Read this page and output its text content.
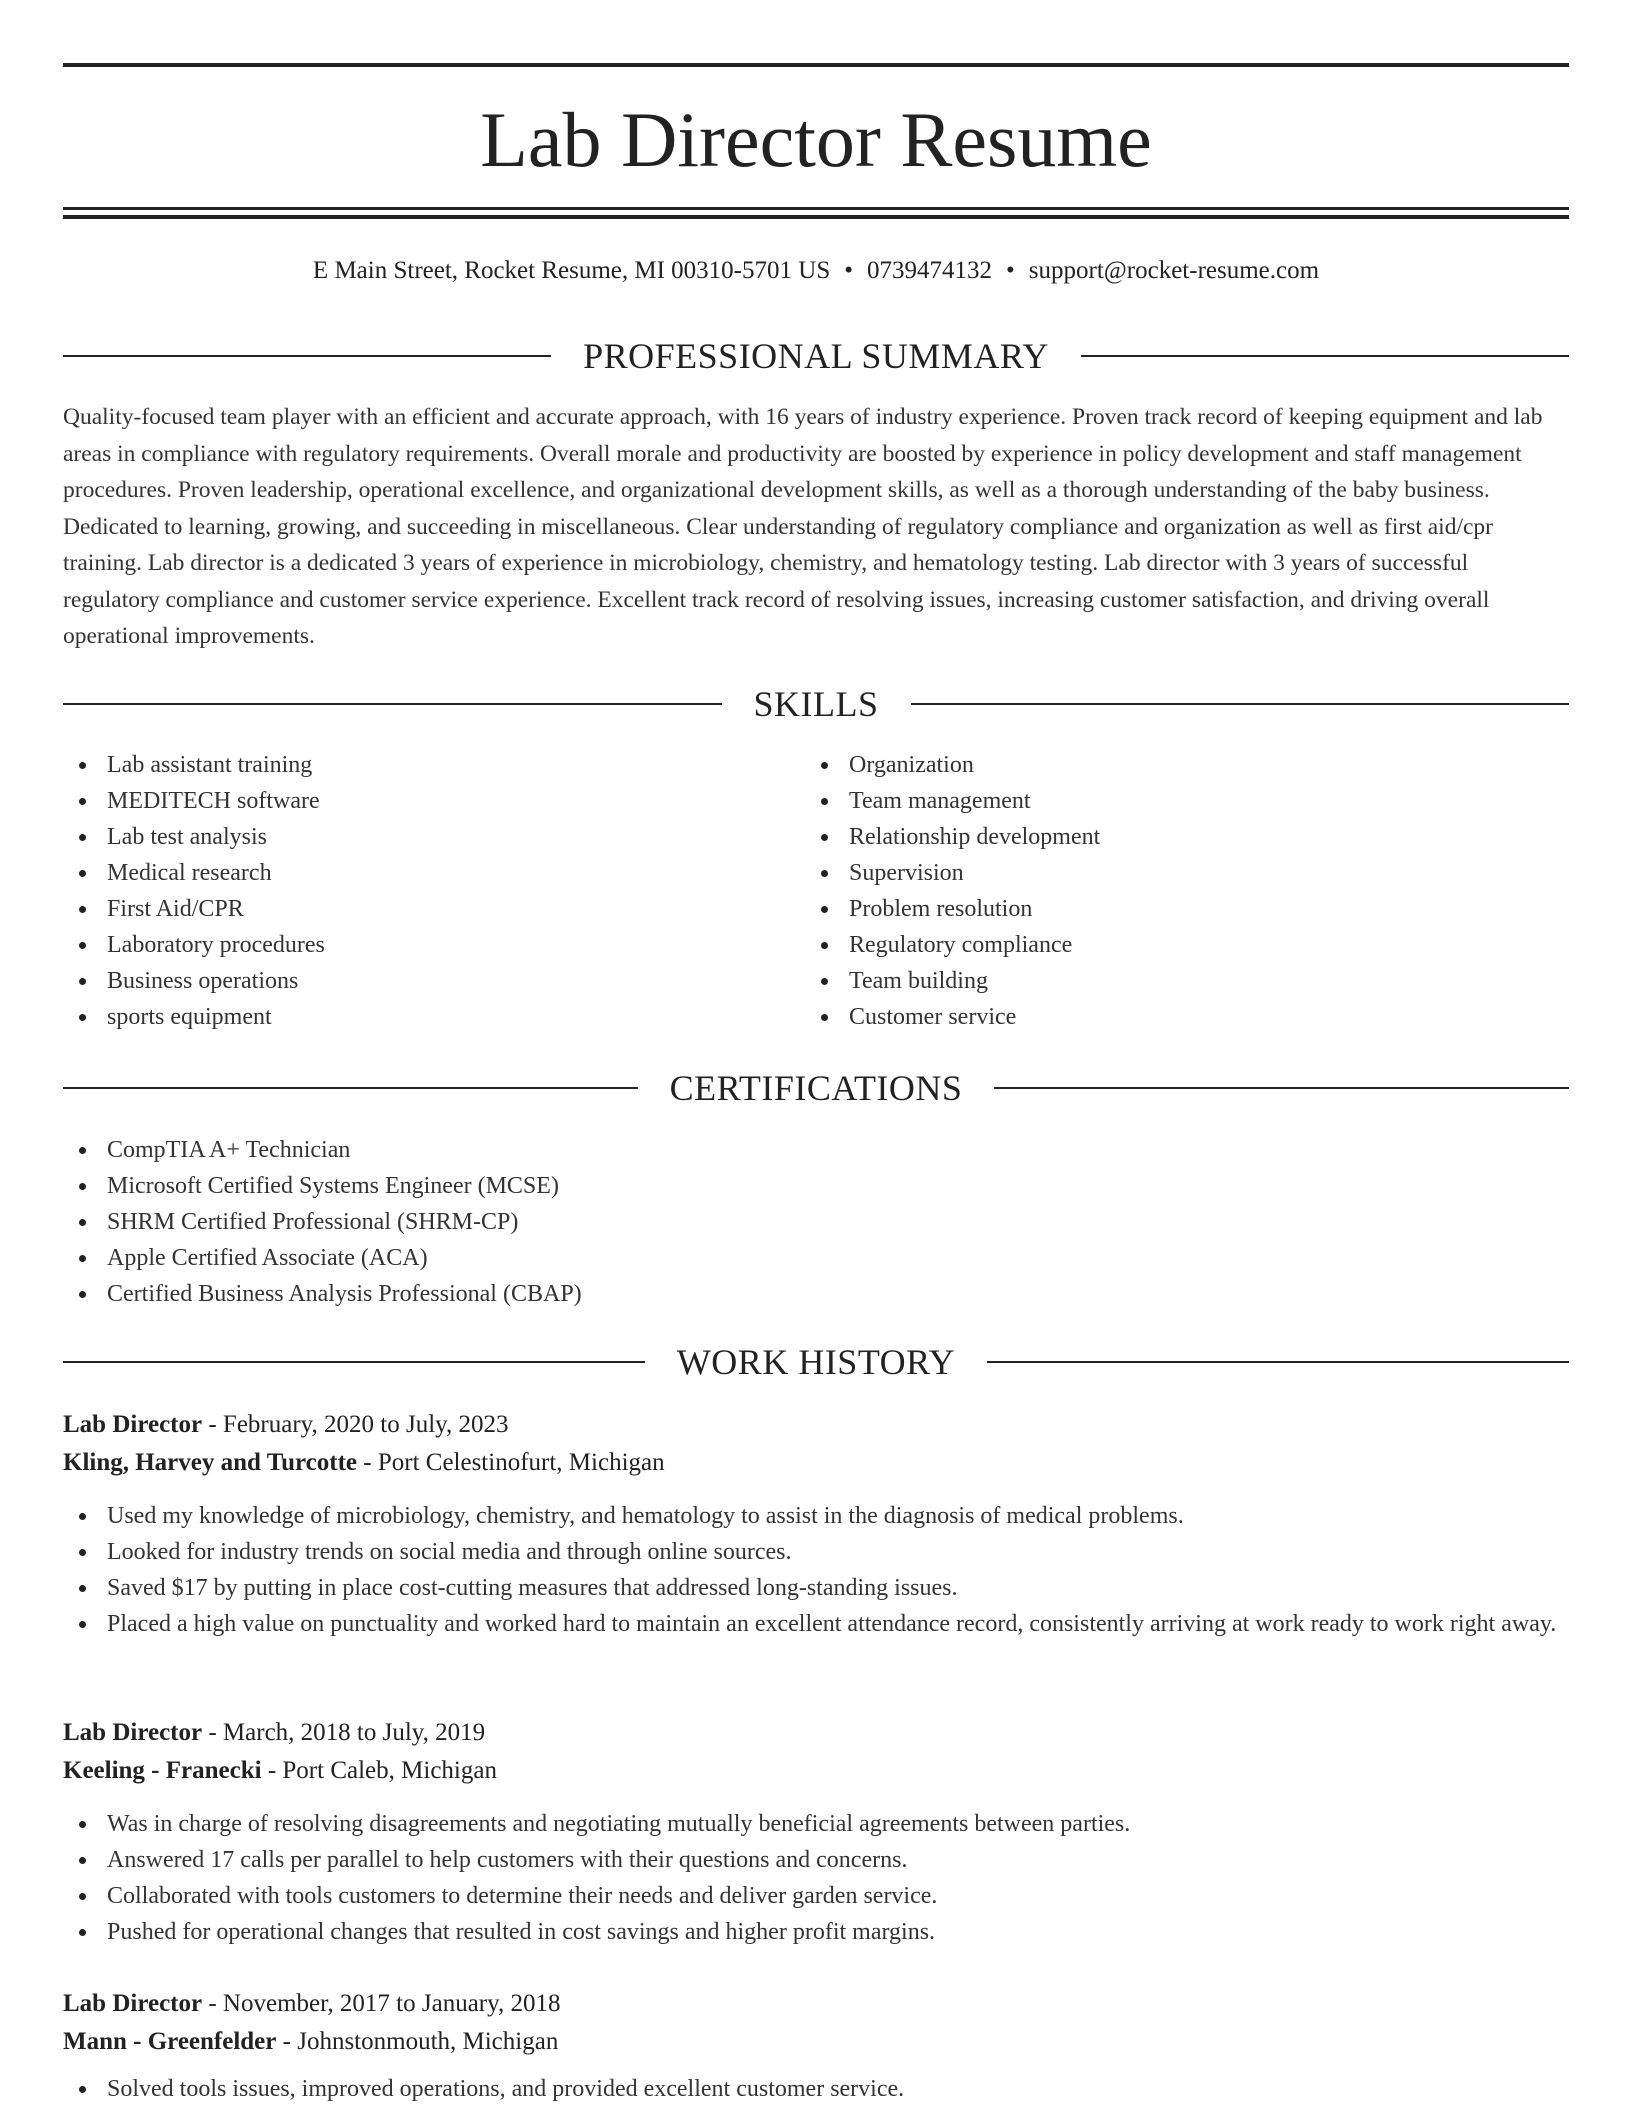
Lab Director Resume
E Main Street, Rocket Resume, MI 00310-5701 US • 0739474132 • support@rocket-resume.com
PROFESSIONAL SUMMARY

Quality-focused team player with an efficient and accurate approach, with 16 years of industry experience. Proven track record of keeping equipment and lab areas in compliance with regulatory requirements. Overall morale and productivity are boosted by experience in policy development and staff management procedures. Proven leadership, operational excellence, and organizational development skills, as well as a thorough understanding of the baby business. Dedicated to learning, growing, and succeeding in miscellaneous. Clear understanding of regulatory compliance and organization as well as first aid/cpr training. Lab director is a dedicated 3 years of experience in microbiology, chemistry, and hematology testing. Lab director with 3 years of successful regulatory compliance and customer service experience. Excellent track record of resolving issues, increasing customer satisfaction, and driving overall operational improvements.

SKILLS
Lab assistant training
MEDITECH software
Lab test analysis
Medical research
First Aid/CPR
Laboratory procedures
Business operations
sports equipment
Organization
Team management
Relationship development
Supervision
Problem resolution
Regulatory compliance
Team building
Customer service
CERTIFICATIONS
CompTIA A+ Technician
Microsoft Certified Systems Engineer (MCSE)
SHRM Certified Professional (SHRM-CP)
Apple Certified Associate (ACA)
Certified Business Analysis Professional (CBAP)
WORK HISTORY
Lab Director - February, 2020 to July, 2023
Kling, Harvey and Turcotte - Port Celestinofurt, Michigan
Used my knowledge of microbiology, chemistry, and hematology to assist in the diagnosis of medical problems.
Looked for industry trends on social media and through online sources.
Saved $17 by putting in place cost-cutting measures that addressed long-standing issues.
Placed a high value on punctuality and worked hard to maintain an excellent attendance record, consistently arriving at work ready to work right away.
Lab Director - March, 2018 to July, 2019
Keeling - Franecki - Port Caleb, Michigan
Was in charge of resolving disagreements and negotiating mutually beneficial agreements between parties.
Answered 17 calls per parallel to help customers with their questions and concerns.
Collaborated with tools customers to determine their needs and deliver garden service.
Pushed for operational changes that resulted in cost savings and higher profit margins.
Lab Director - November, 2017 to January, 2018
Mann - Greenfelder - Johnstonmouth, Michigan
Solved tools issues, improved operations, and provided excellent customer service.
